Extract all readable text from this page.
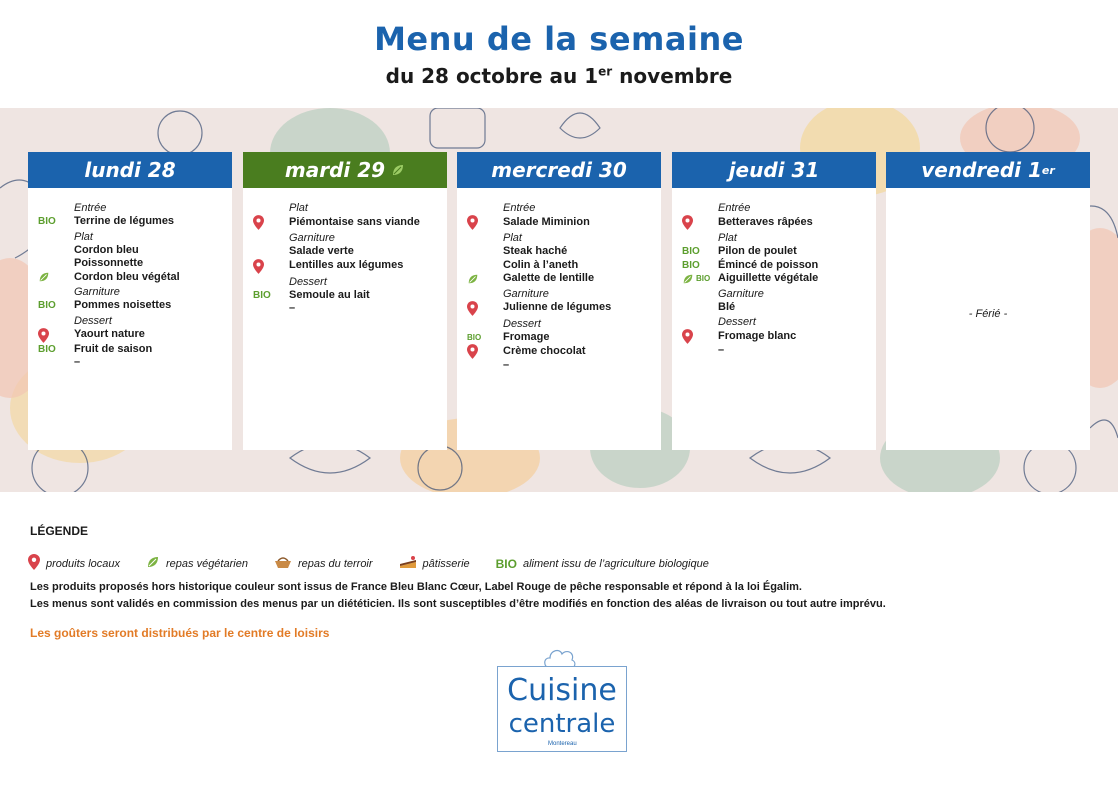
Menu de la semaine
du 28 octobre au 1er novembre
lundi 28
Entrée
BIO Terrine de légumes
Plat
Cordon bleu
Poissonnette
Cordon bleu végétal
Garniture
BIO Pommes noisettes
Dessert
Yaourt nature
BIO Fruit de saison
–
mardi 29
Plat
Piémontaise sans viande
Garniture
Salade verte
Lentilles aux légumes
Dessert
BIO Semoule au lait
–
mercredi 30
Entrée
Salade Miminion
Plat
Steak haché
Colin à l’aneth
Galette de lentille
Garniture
Julienne de légumes
Dessert
BIO Fromage
Crème chocolat
–
jeudi 31
Entrée
Betteraves râpées
Plat
BIO Pilon de poulet
BIO Émincé de poisson
BIO Aiguillette végétale
Garniture
Blé
Dessert
Fromage blanc
–
vendredi 1 er
- Férié -
LÉGENDE
produits locaux	repas végétarien	repas du terroir	pâtisserie BIO aliment issu de l’agriculture biologique
Les produits proposés hors historique couleur sont issus de France Bleu Blanc Cœur, Label Rouge de pêche responsable et répond à la loi Égalim.
Les menus sont validés en commission des menus par un diététicien. Ils sont susceptibles d’être modifiés en fonction des aléas de livraison ou tout autre imprévu.
Les goûters seront distribués par le centre de loisirs
Cuisine
centrale
Montereau
